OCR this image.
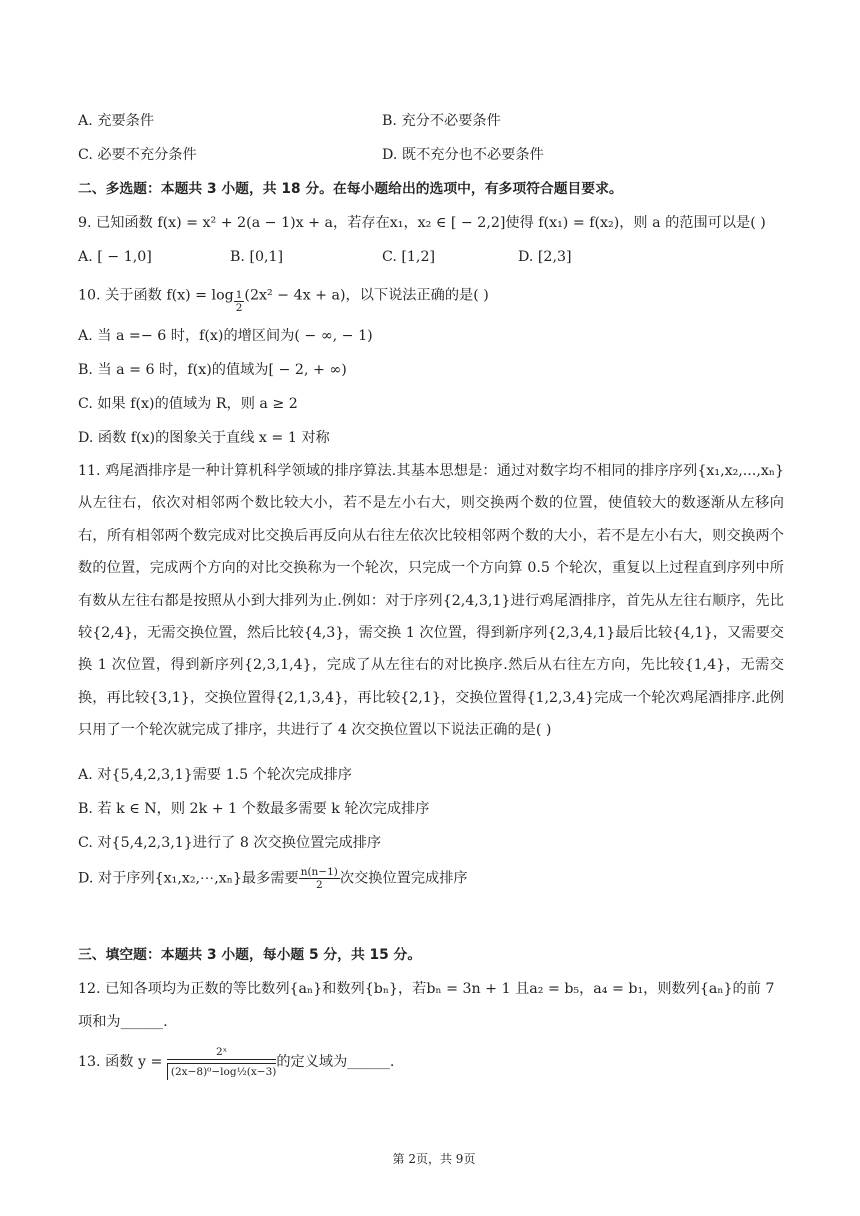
A. 充要条件	B. 充分不必要条件
C. 必要不充分条件	D. 既不充分也不必要条件
二、多选题：本题共 3 小题，共 18 分。在每小题给出的选项中，有多项符合题目要求。
9. 已知函数 f(x) = x² + 2(a − 1)x + a，若存在x₁，x₂ ∈ [ − 2,2]使得 f(x₁) = f(x₂)，则 a 的范围可以是( )
A. [ − 1,0]	B. [0,1]	C. [1,2]	D. [2,3]
10. 关于函数 $f(x) = \log \frac{1}{2} (2x^2 - 4x + a)$，以下说法正确的是( )
A. 当 a =− 6 时，f(x)的增区间为( − ∞, − 1)
B. 当 a = 6 时，f(x)的值域为[ − 2, + ∞)
C. 如果 f(x)的值域为 R，则 a ≥ 2
D. 函数 f(x)的图象关于直线 x = 1 对称
11. 鸡尾酒排序是一种计算机科学领域的排序算法.其基本思想是：通过对数字均不相同的排序序列{x₁,x₂,...,xₙ}从左往右，依次对相邻两个数比较大小，若不是左小右大，则交换两个数的位置，使值较大的数逐渐从左移向右，所有相邻两个数完成对比交换后再反向从右往左依次比较相邻两个数的大小，若不是左小右大，则交换两个数的位置，完成两个方向的对比交换称为一个轮次，只完成一个方向算 0.5 个轮次，重复以上过程直到序列中所有数从左往右都是按照从小到大排列为止.例如：对于序列{2,4,3,1}进行鸡尾酒排序，首先从左往右顺序，先比较{2,4}，无需交换位置，然后比较{4,3}，需交换 1 次位置，得到新序列{2,3,4,1}最后比较{4,1}，又需要交换 1 次位置，得到新序列{2,3,1,4}，完成了从左往右的对比换序.然后从右往左方向，先比较{1,4}，无需交换，再比较{3,1}，交换位置得{2,1,3,4}，再比较{2,1}，交换位置得{1,2,3,4}完成一个轮次鸡尾酒排序.此例只用了一个轮次就完成了排序，共进行了 4 次交换位置以下说法正确的是( )
A. 对{5,4,2,3,1}需要 1.5 个轮次完成排序
B. 若 k ∈ N，则 2k + 1 个数最多需要 k 轮次完成排序
C. 对{5,4,2,3,1}进行了 8 次交换位置完成排序
D. 对于序列{x₁,x₂,⋯,xₙ}最多需要 $\frac{n(n-1)}{2}$ 次交换位置完成排序
三、填空题：本题共 3 小题，每小题 5 分，共 15 分。
12. 已知各项均为正数的等比数列{aₙ}和数列{bₙ}，若bₙ = 3n + 1 且a₂ = b₅，a₄ = b₁，则数列{aₙ}的前 7
项和为______.
13. 函数 $y = \frac{\text{2ˣ}}{\text{(2x−8)⁰−log½(x−3)}}$ 的定义域为______.
第 2页，共 9页
